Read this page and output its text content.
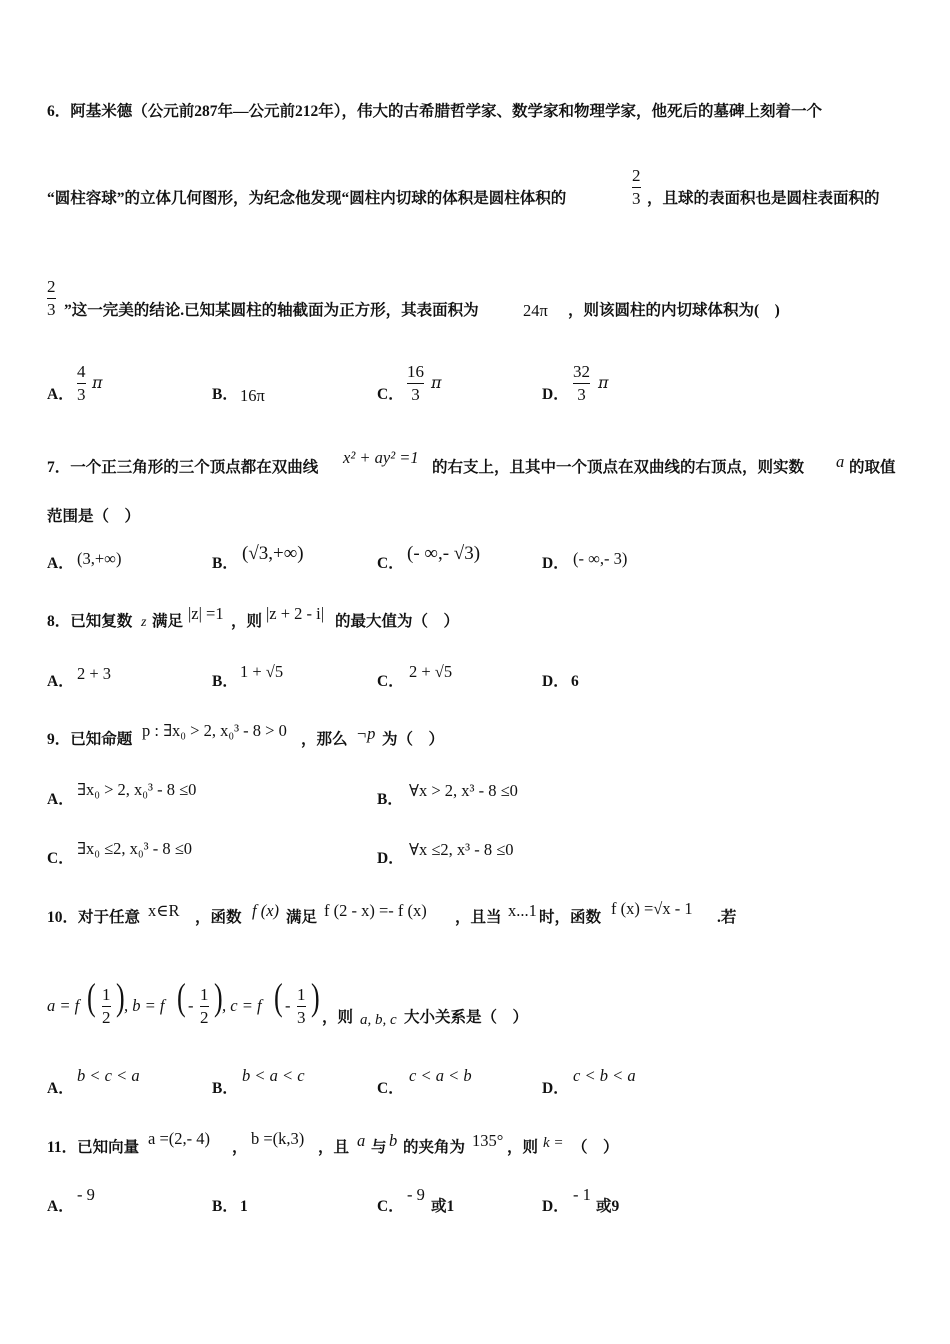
6．阿基米德（公元前287年—公元前212年），伟大的古希腊哲学家、数学家和物理学家，他死后的墓碑上刻着一个
“圆柱容球”的立体几何图形，为纪念他发现“圆柱内切球的体积是圆柱体积的
2
3 ，且球的表面积也是圆柱表面积的
2
3 ”这一完美的结论.已知某圆柱的轴截面为正方形，其表面积为	24π ，则该圆柱的内切球体积为(　)
A．
4
3
π
B． 16π	C．
16
3
π
D．
32
3
π
7．一个正三角形的三个顶点都在双曲线
x² + ay² =1
的右支上，且其中一个顶点在双曲线的右顶点，则实数 a 的取值
范围是（　）
A． (3,+∞)	B． (√3,+∞)	C． (- ∞,- √3)	D． (- ∞,- 3)
8．已知复数 z 满足 |z| =1 ，则 |z + 2 - i| 的最大值为（　）
A． 2 + 3	B．
1 + √5
C．
2 + √5
D． 6
9．已知命题 p : ∃x₀ > 2, x₀³ - 8 > 0 ，那么 ¬p 为（　）
A．
∃x₀ > 2, x₀³ - 8 ≤0
B． ∀x > 2, x³ - 8 ≤0
C．
∃x₀ ≤2, x₀³ - 8 ≤0
D． ∀x ≤2, x³ - 8 ≤0
10．对于任意 x∈R ，函数 f (x) 满足 f (2 - x) =- f (x) ，且当 x...1 时，函数 f (x) =√x - 1 .若
a = f ( 1
2 ) , b = f ( -
1
2 ) , c = f ( -
1
3 ) ，则 a, b, c 大小关系是（　）
A．
b < c < a
B．
b < a < c
C．
c < a < b
D．
c < b < a
11．已知向量 a =(2,- 4) ， b =(k,3) ，且 a 与 b 的夹角为 135° ，则 k = （　）
A．
- 9
B． 1	C．
- 9
或1	D．
- 1
或9
